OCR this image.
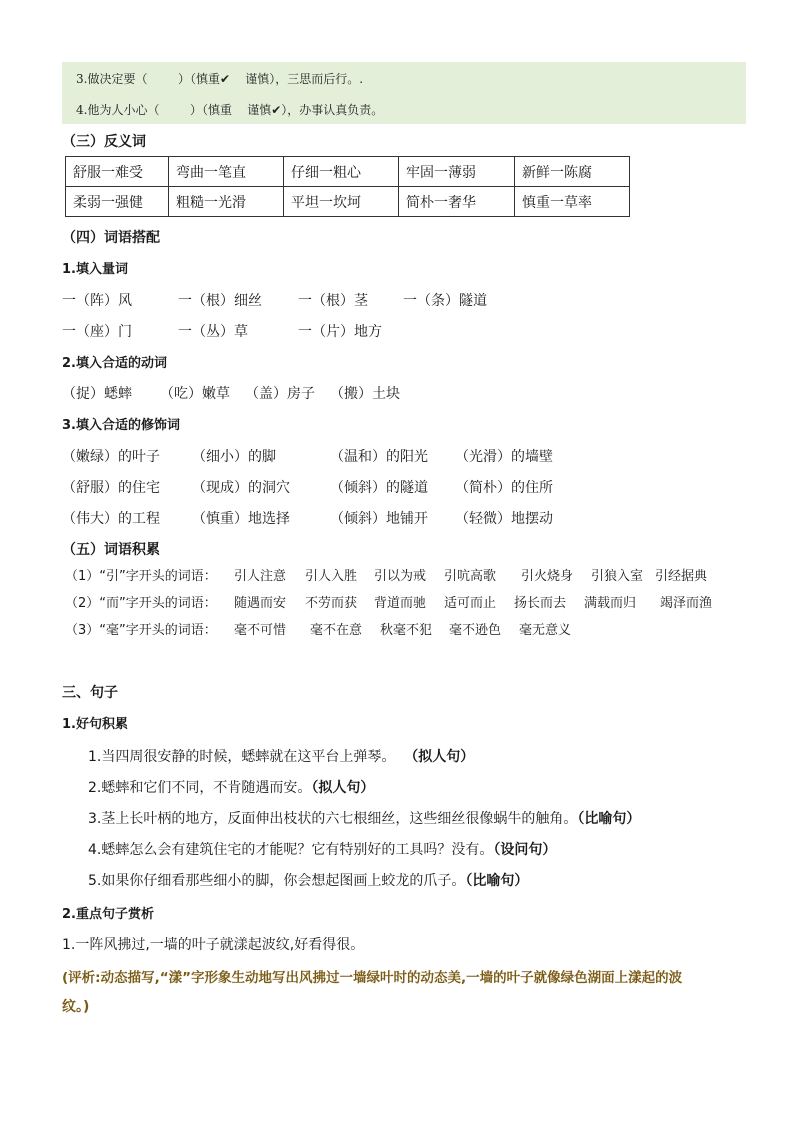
3.做决定要（        ）（慎重✔    谨慎），三思而后行。.
4.他为人小心（        ）（慎重    谨慎✔），办事认真负责。
（三）反义词
舒服一难受	弯曲一笔直	仔细一粗心	牢固一薄弱	新鲜一陈腐
柔弱一强健	粗糙一光滑	平坦一坎坷	简朴一奢华	慎重一草率
（四）词语搭配
1.填入量词
一（阵）风	一（根）细丝	一（根）茎	一（条）隧道
一（座）门	一（丛）草	一（片）地方
2.填入合适的动词
（捉）蟋蟀 （吃）嫩草 （盖）房子 （搬）土块
3.填入合适的修饰词
（嫩绿）的叶子 （细小）的脚	（温和）的阳光 （光滑）的墙壁
（舒服）的住宅 （现成）的洞穴	（倾斜）的隧道 （简朴）的住所
（伟大）的工程 （慎重）地选择	（倾斜）地铺开 （轻微）地摆动
（五）词语积累
（1）“引”字开头的词语： 引人注意 引人入胜 引以为戒 引吭高歌 引火烧身 引狼入室 引经据典
（2）“而”字开头的词语： 随遇而安 不劳而获 背道而驰 适可而止 扬长而去 满载而归 竭泽而渔
（3）“毫”字开头的词语： 毫不可惜 毫不在意 秋毫不犯 毫不逊色 毫无意义
三、句子
1.好句积累
1.当四周很安静的时候，蟋蟀就在这平台上弹琴。 （拟人句）
2.蟋蟀和它们不同，不肯随遇而安。（拟人句）
3.茎上长叶柄的地方，反面伸出枝状的六七根细丝，这些细丝很像蜗牛的触角。（比喻句）
4.蟋蟀怎么会有建筑住宅的才能呢？它有特别好的工具吗？没有。（设问句）
5.如果你仔细看那些细小的脚，你会想起图画上蛟龙的爪子。（比喻句）
2.重点句子赏析
1.一阵风拂过,一墙的叶子就漾起波纹,好看得很。
(评析:动态描写,“漾”字形象生动地写出风拂过一墙绿叶时的动态美,一墙的叶子就像绿色湖面上漾起的波
纹。)
